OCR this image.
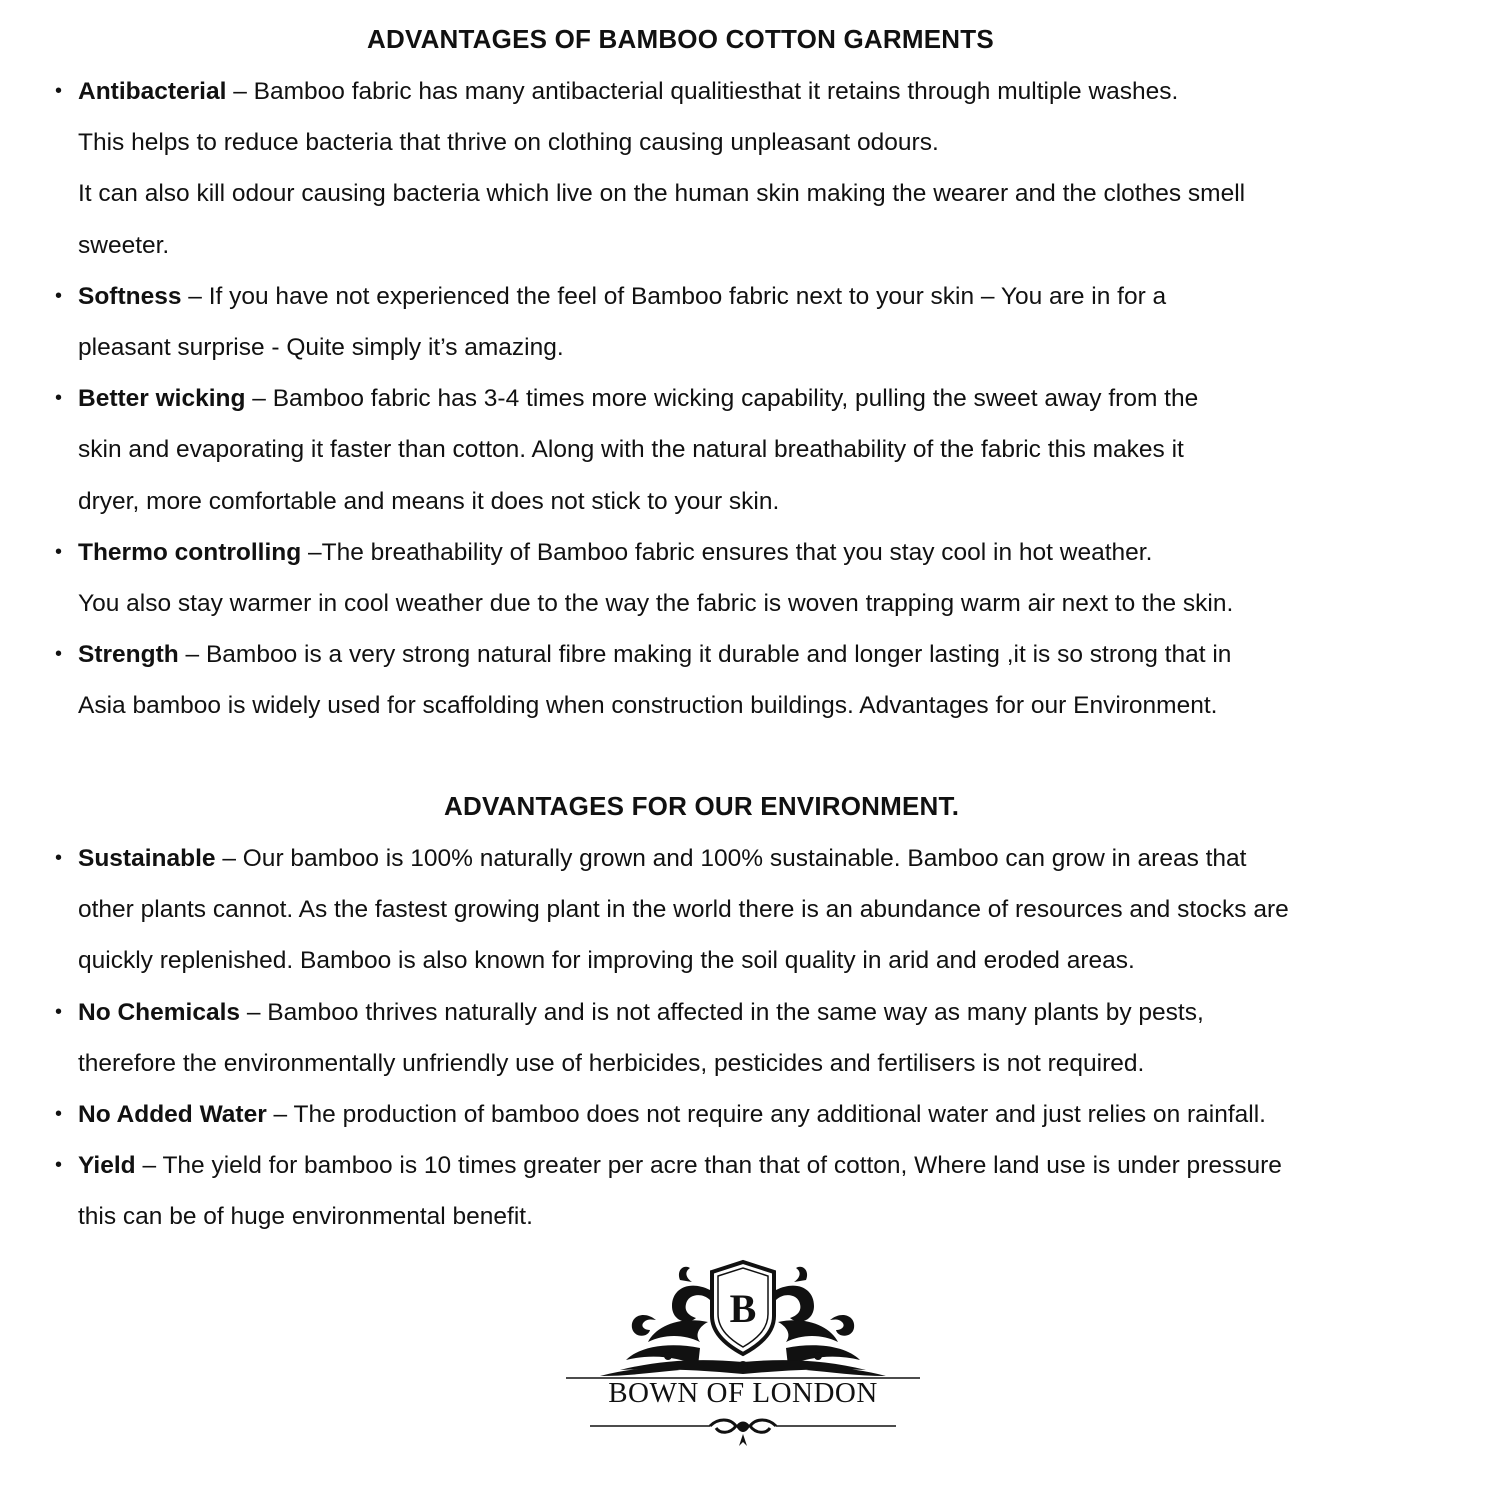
ADVANTAGES OF BAMBOO COTTON GARMENTS
• Antibacterial – Bamboo fabric has many antibacterial qualitiesthat it retains through multiple washes.
This helps to reduce bacteria that thrive on clothing causing unpleasant odours.
It can also kill odour causing bacteria which live on the human skin making the wearer and the clothes smell
sweeter.
• Softness – If you have not experienced the feel of Bamboo fabric next to your skin – You are in for a
pleasant surprise - Quite simply it’s amazing.
• Better wicking – Bamboo fabric has 3-4 times more wicking capability, pulling the sweet away from the
skin and evaporating it faster than cotton. Along with the natural breathability of the fabric this makes it
dryer, more comfortable and means it does not stick to your skin.
• Thermo controlling –The breathability of Bamboo fabric ensures that you stay cool in hot weather.
You also stay warmer in cool weather due to the way the fabric is woven trapping warm air next to the skin.
• Strength – Bamboo is a very strong natural fibre making it durable and longer lasting ,it is so strong that in
Asia bamboo is widely used for scaffolding when construction buildings. Advantages for our Environment.
ADVANTAGES FOR OUR ENVIRONMENT.
• Sustainable – Our bamboo is 100% naturally grown and 100% sustainable. Bamboo can grow in areas that
other plants cannot. As the fastest growing plant in the world there is an abundance of resources and stocks are
quickly replenished. Bamboo is also known for improving the soil quality in arid and eroded areas.
• No Chemicals – Bamboo thrives naturally and is not affected in the same way as many plants by pests,
therefore the environmentally unfriendly use of herbicides, pesticides and fertilisers is not required.
• No Added Water – The production of bamboo does not require any additional water and just relies on rainfall.
• Yield – The yield for bamboo is 10 times greater per acre than that of cotton, Where land use is under pressure
this can be of huge environmental benefit.
B
BOWN OF LONDON
